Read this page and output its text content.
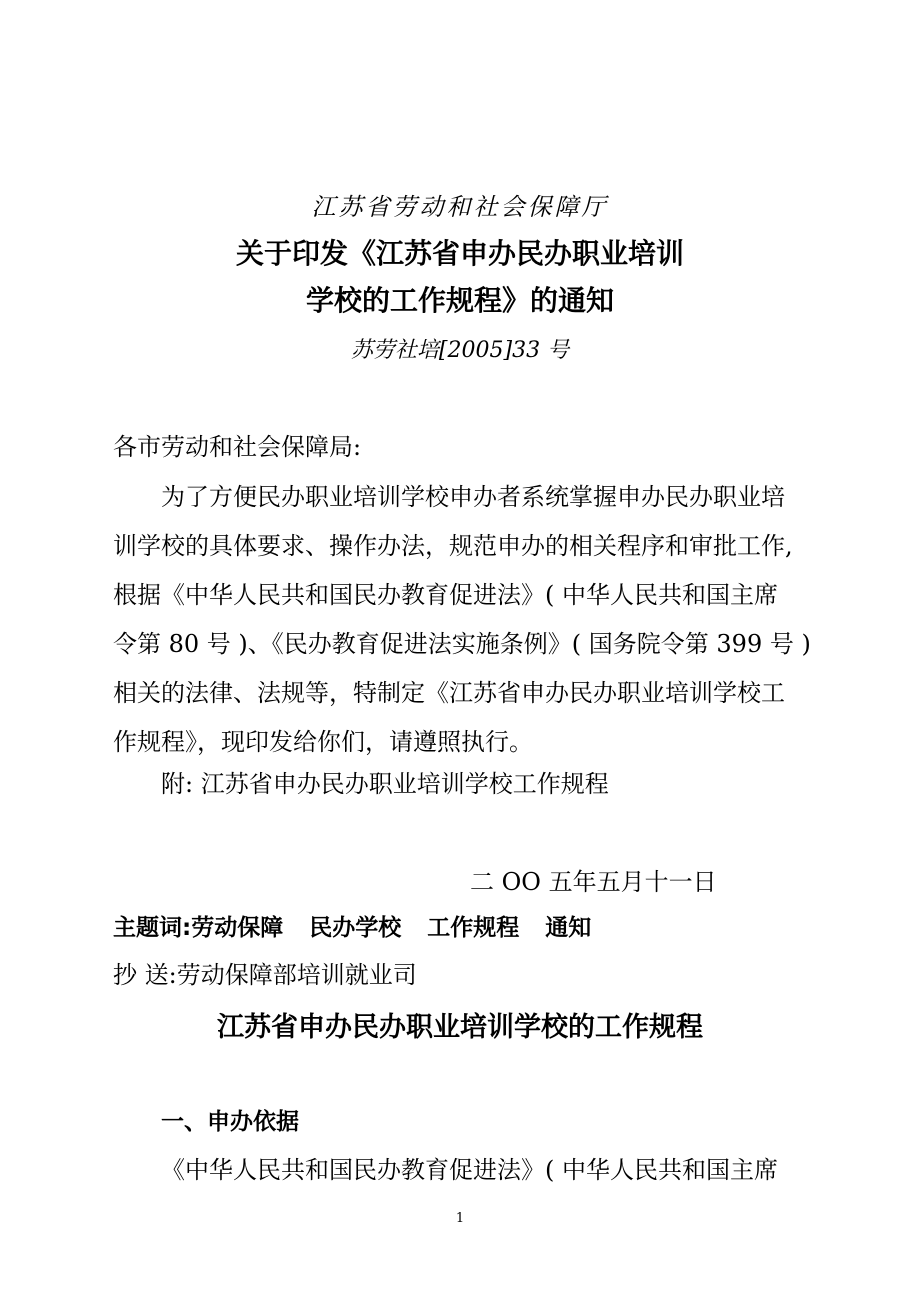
江苏省劳动和社会保障厅
关于印发《江苏省申办民办职业培训
学校的工作规程》的通知
苏劳社培[2005]33 号
各市劳动和社会保障局:
为了方便民办职业培训学校申办者系统掌握申办民办职业培
训学校的具体要求、操作办法，规范申办的相关程序和审批工作,
根据《中华人民共和国民办教育促进法》( 中华人民共和国主席
令第 80 号 )、《民办教育促进法实施条例》( 国务院令第 399 号 )
相关的法律、法规等，特制定《江苏省申办民办职业培训学校工
作规程》，现印发给你们，请遵照执行。
附: 江苏省申办民办职业培训学校工作规程
二 OO 五年五月十一日
主题词:劳动保障 民办学校 工作规程 通知
抄 送:劳动保障部培训就业司
江苏省申办民办职业培训学校的工作规程
一、申办依据
《中华人民共和国民办教育促进法》( 中华人民共和国主席
1
